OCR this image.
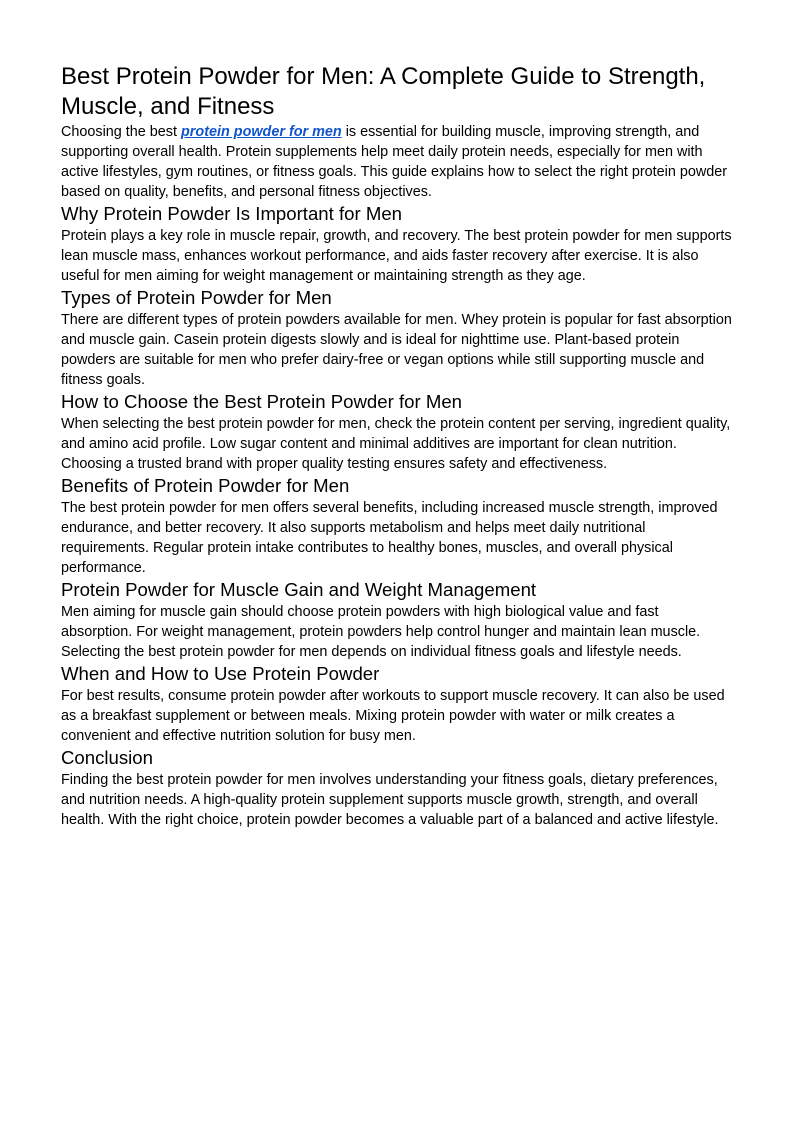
Best Protein Powder for Men: A Complete Guide to Strength, Muscle, and Fitness

Choosing the best protein powder for men is essential for building muscle, improving strength, and supporting overall health. Protein supplements help meet daily protein needs, especially for men with active lifestyles, gym routines, or fitness goals. This guide explains how to select the right protein powder based on quality, benefits, and personal fitness objectives.

Why Protein Powder Is Important for Men

Protein plays a key role in muscle repair, growth, and recovery. The best protein powder for men supports lean muscle mass, enhances workout performance, and aids faster recovery after exercise. It is also useful for men aiming for weight management or maintaining strength as they age.

Types of Protein Powder for Men

There are different types of protein powders available for men. Whey protein is popular for fast absorption and muscle gain. Casein protein digests slowly and is ideal for nighttime use. Plant-based protein powders are suitable for men who prefer dairy-free or vegan options while still supporting muscle and fitness goals.

How to Choose the Best Protein Powder for Men

When selecting the best protein powder for men, check the protein content per serving, ingredient quality, and amino acid profile. Low sugar content and minimal additives are important for clean nutrition. Choosing a trusted brand with proper quality testing ensures safety and effectiveness.

Benefits of Protein Powder for Men

The best protein powder for men offers several benefits, including increased muscle strength, improved endurance, and better recovery. It also supports metabolism and helps meet daily nutritional requirements. Regular protein intake contributes to healthy bones, muscles, and overall physical performance.

Protein Powder for Muscle Gain and Weight Management

Men aiming for muscle gain should choose protein powders with high biological value and fast absorption. For weight management, protein powders help control hunger and maintain lean muscle. Selecting the best protein powder for men depends on individual fitness goals and lifestyle needs.

When and How to Use Protein Powder

For best results, consume protein powder after workouts to support muscle recovery. It can also be used as a breakfast supplement or between meals. Mixing protein powder with water or milk creates a convenient and effective nutrition solution for busy men.

Conclusion

Finding the best protein powder for men involves understanding your fitness goals, dietary preferences, and nutrition needs. A high-quality protein supplement supports muscle growth, strength, and overall health. With the right choice, protein powder becomes a valuable part of a balanced and active lifestyle.
